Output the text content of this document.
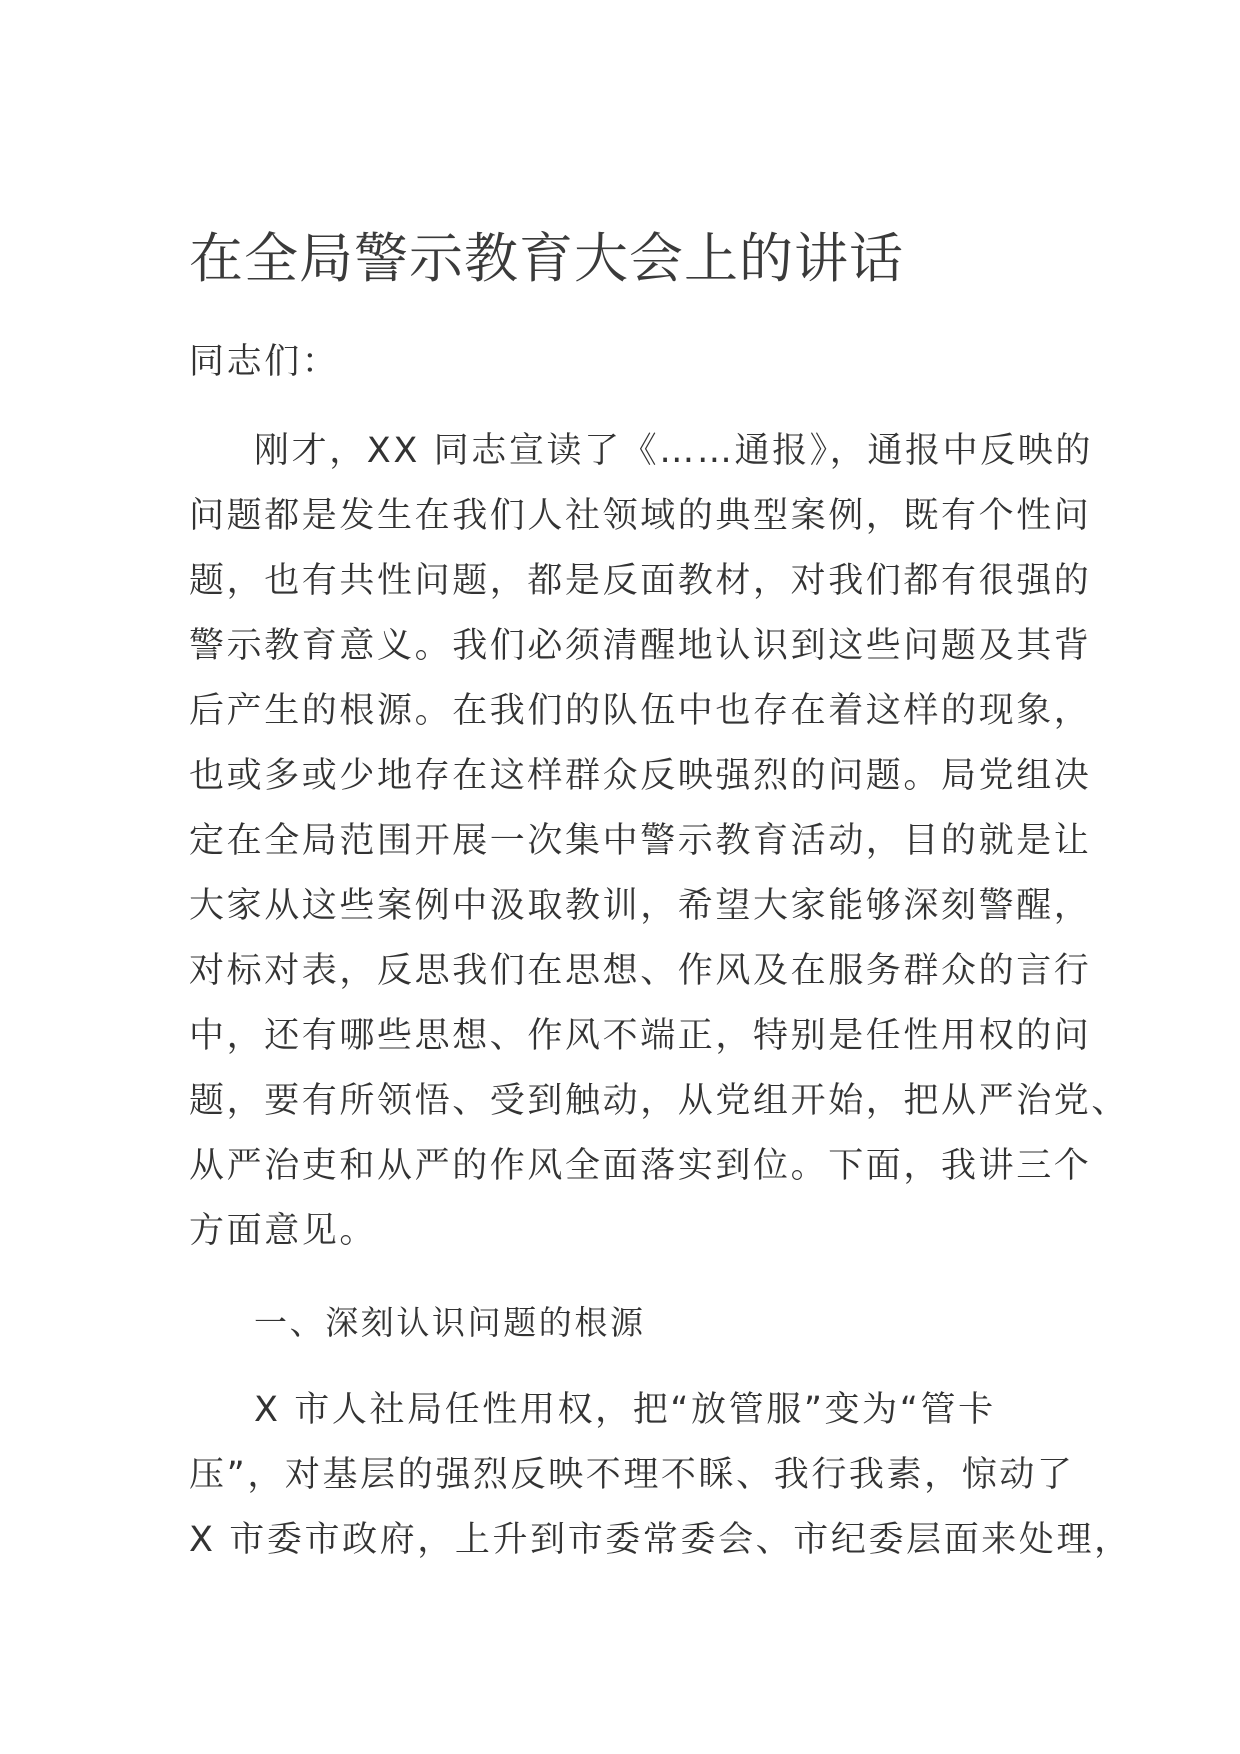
在全局警示教育大会上的讲话
同志们：
刚才，XX 同志宣读了《……通报》，通报中反映的
问题都是发生在我们人社领域的典型案例，既有个性问
题，也有共性问题，都是反面教材，对我们都有很强的
警示教育意义。我们必须清醒地认识到这些问题及其背
后产生的根源。在我们的队伍中也存在着这样的现象，
也或多或少地存在这样群众反映强烈的问题。局党组决
定在全局范围开展一次集中警示教育活动，目的就是让
大家从这些案例中汲取教训，希望大家能够深刻警醒，
对标对表，反思我们在思想、作风及在服务群众的言行
中，还有哪些思想、作风不端正，特别是任性用权的问
题，要有所领悟、受到触动，从党组开始，把从严治党、
从严治吏和从严的作风全面落实到位。下面，我讲三个
方面意见。
一、深刻认识问题的根源
X 市人社局任性用权，把“放管服”变为“管卡
压”，对基层的强烈反映不理不睬、我行我素，惊动了
X 市委市政府，上升到市委常委会、市纪委层面来处理，
